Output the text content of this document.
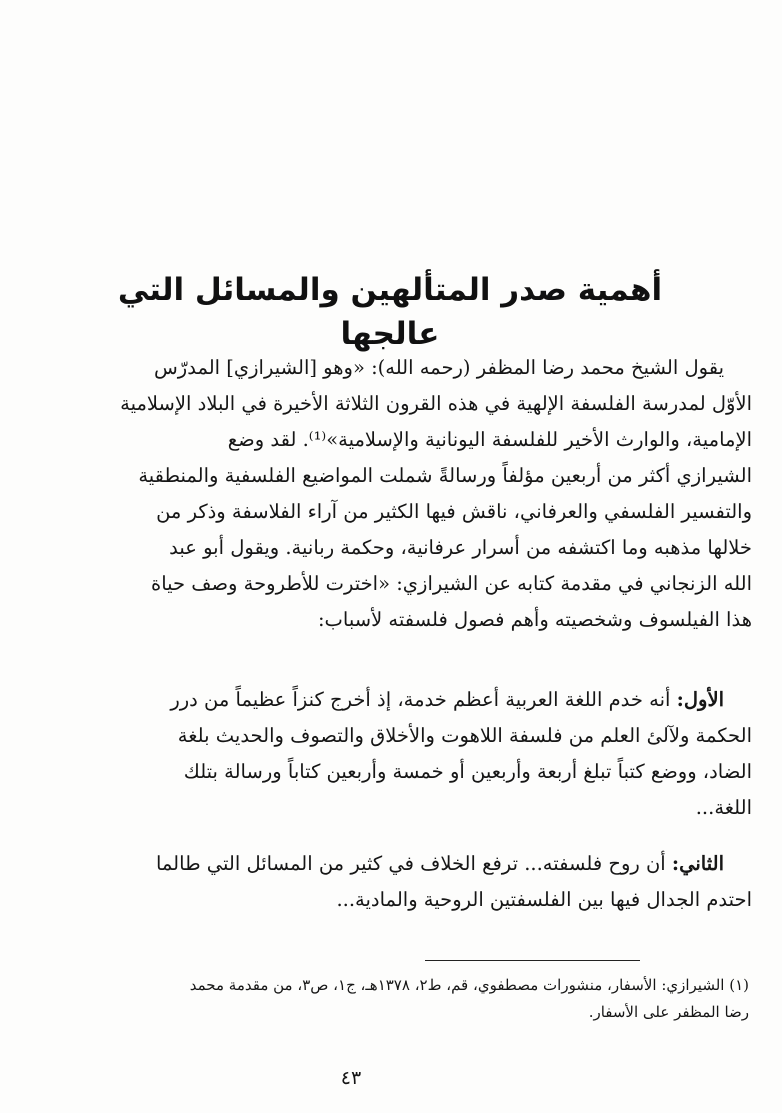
أهمية صدر المتألهين والمسائل التي عالجها

يقول الشيخ محمد رضا المظفر (رحمه الله): «وهو [الشيرازي] المدرّس
الأوّل لمدرسة الفلسفة الإلهية في هذه القرون الثلاثة الأخيرة في البلاد الإسلامية
الإمامية، والوارث الأخير للفلسفة اليونانية والإسلامية»⁽¹⁾. لقد وضع
الشيرازي أكثر من أربعين مؤلفاً ورسالةً شملت المواضيع الفلسفية والمنطقية
والتفسير الفلسفي والعرفاني، ناقش فيها الكثير من آراء الفلاسفة وذكر من
خلالها مذهبه وما اكتشفه من أسرار عرفانية، وحكمة ربانية. ويقول أبو عبد
الله الزنجاني في مقدمة كتابه عن الشيرازي: «اخترت للأطروحة وصف حياة
هذا الفيلسوف وشخصيته وأهم فصول فلسفته لأسباب:

الأول: أنه خدم اللغة العربية أعظم خدمة، إذ أخرج كنزاً عظيماً من درر
الحكمة ولآلئ العلم من فلسفة اللاهوت والأخلاق والتصوف والحديث بلغة
الضاد، ووضع كتباً تبلغ أربعة وأربعين أو خمسة وأربعين كتاباً ورسالة بتلك
اللغة...

الثاني: أن روح فلسفته... ترفع الخلاف في كثير من المسائل التي طالما
احتدم الجدال فيها بين الفلسفتين الروحية والمادية...

(١) الشيرازي: الأسفار، منشورات مصطفوي، قم، ط٢، ١٣٧٨هـ، ج١، ص٣، من مقدمة محمد
رضا المظفر على الأسفار.

٤٣
